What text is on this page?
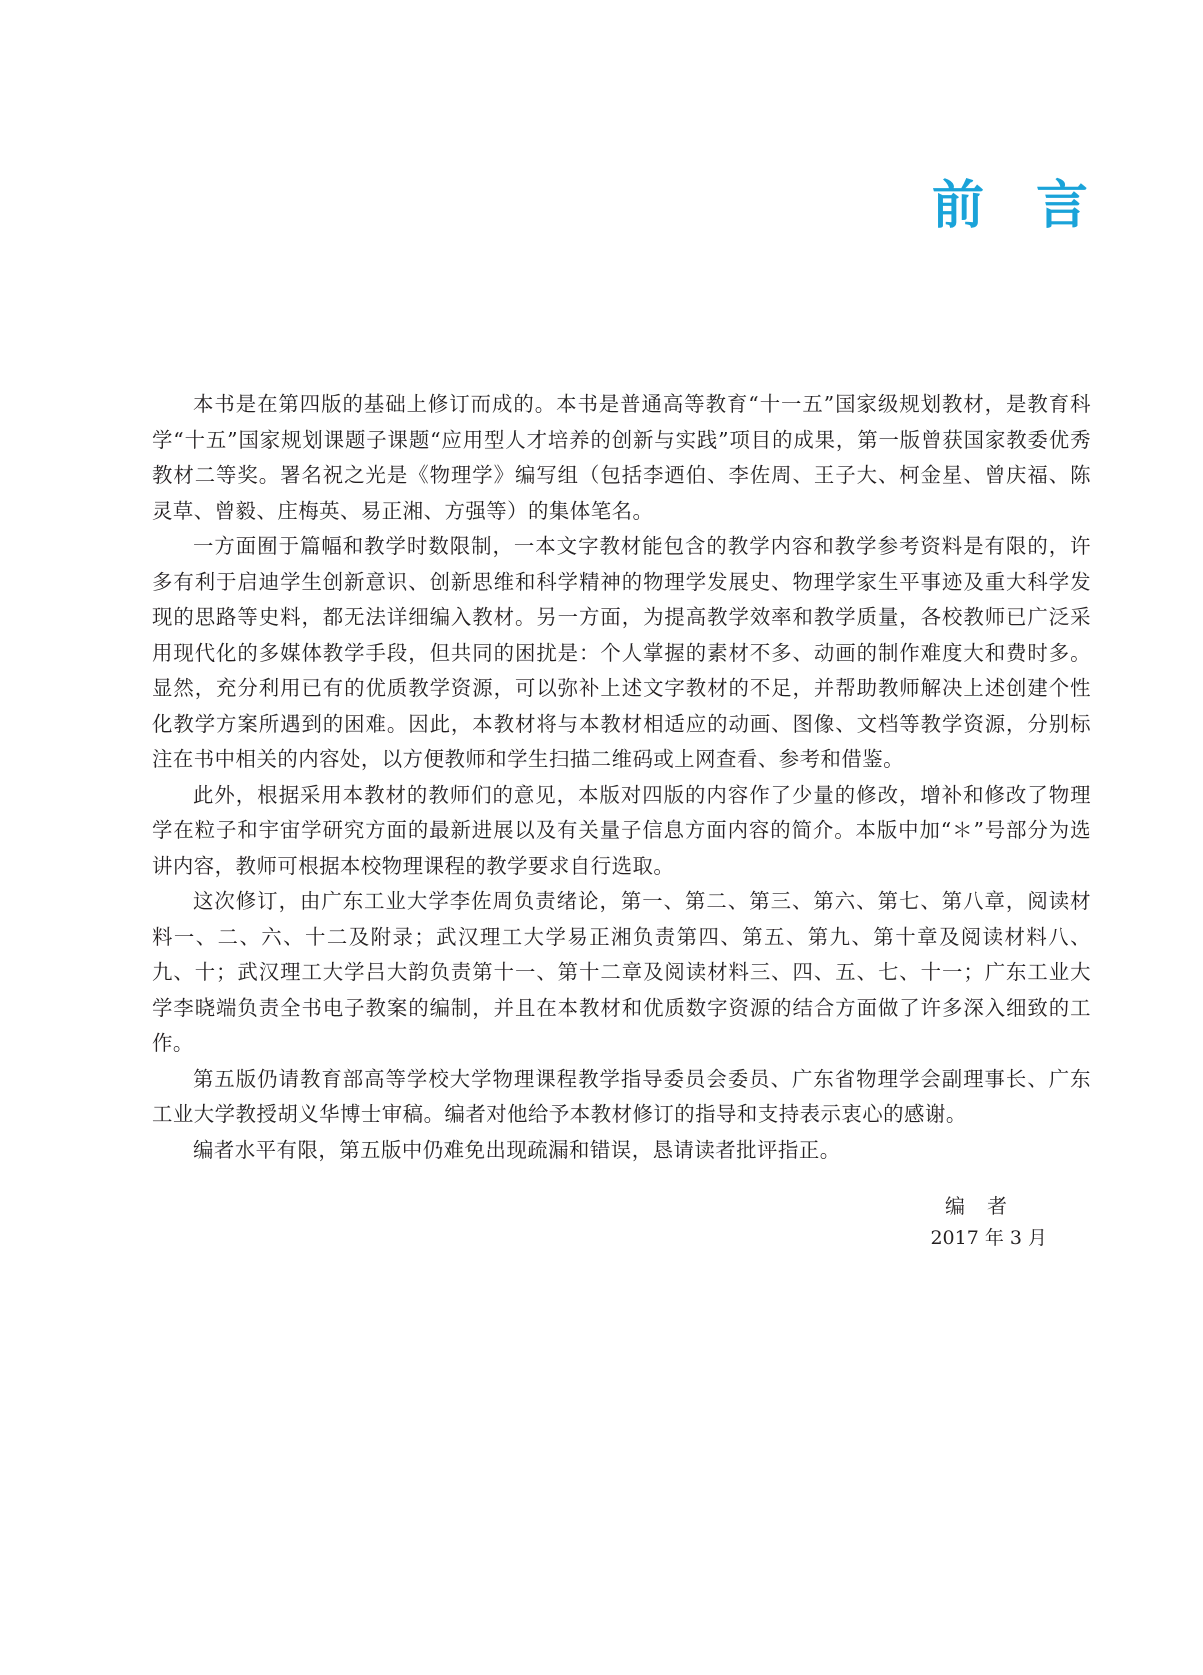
前 言

本书是在第四版的基础上修订而成的。本书是普通高等教育“十一五”国家级规划教材，是教育科学“十五”国家规划课题子课题“应用型人才培养的创新与实践”项目的成果，第一版曾获国家教委优秀教材二等奖。署名祝之光是《物理学》编写组（包括李迺伯、李佐周、王子大、柯金星、曾庆福、陈灵草、曾毅、庄梅英、易正湘、方强等）的集体笔名。

一方面囿于篇幅和教学时数限制，一本文字教材能包含的教学内容和教学参考资料是有限的，许多有利于启迪学生创新意识、创新思维和科学精神的物理学发展史、物理学家生平事迹及重大科学发现的思路等史料，都无法详细编入教材。另一方面，为提高教学效率和教学质量，各校教师已广泛采用现代化的多媒体教学手段，但共同的困扰是：个人掌握的素材不多、动画的制作难度大和费时多。显然，充分利用已有的优质教学资源，可以弥补上述文字教材的不足，并帮助教师解决上述创建个性化教学方案所遇到的困难。因此，本教材将与本教材相适应的动画、图像、文档等教学资源，分别标注在书中相关的内容处，以方便教师和学生扫描二维码或上网查看、参考和借鉴。

此外，根据采用本教材的教师们的意见，本版对四版的内容作了少量的修改，增补和修改了物理学在粒子和宇宙学研究方面的最新进展以及有关量子信息方面内容的简介。本版中加“＊”号部分为选讲内容，教师可根据本校物理课程的教学要求自行选取。

这次修订，由广东工业大学李佐周负责绪论，第一、第二、第三、第六、第七、第八章，阅读材料一、二、六、十二及附录；武汉理工大学易正湘负责第四、第五、第九、第十章及阅读材料八、九、十；武汉理工大学吕大韵负责第十一、第十二章及阅读材料三、四、五、七、十一；广东工业大学李晓端负责全书电子教案的编制，并且在本教材和优质数字资源的结合方面做了许多深入细致的工作。

第五版仍请教育部高等学校大学物理课程教学指导委员会委员、广东省物理学会副理事长、广东工业大学教授胡义华博士审稿。编者对他给予本教材修订的指导和支持表示衷心的感谢。

编者水平有限，第五版中仍难免出现疏漏和错误，恳请读者批评指正。

编者
2017 年 3 月
